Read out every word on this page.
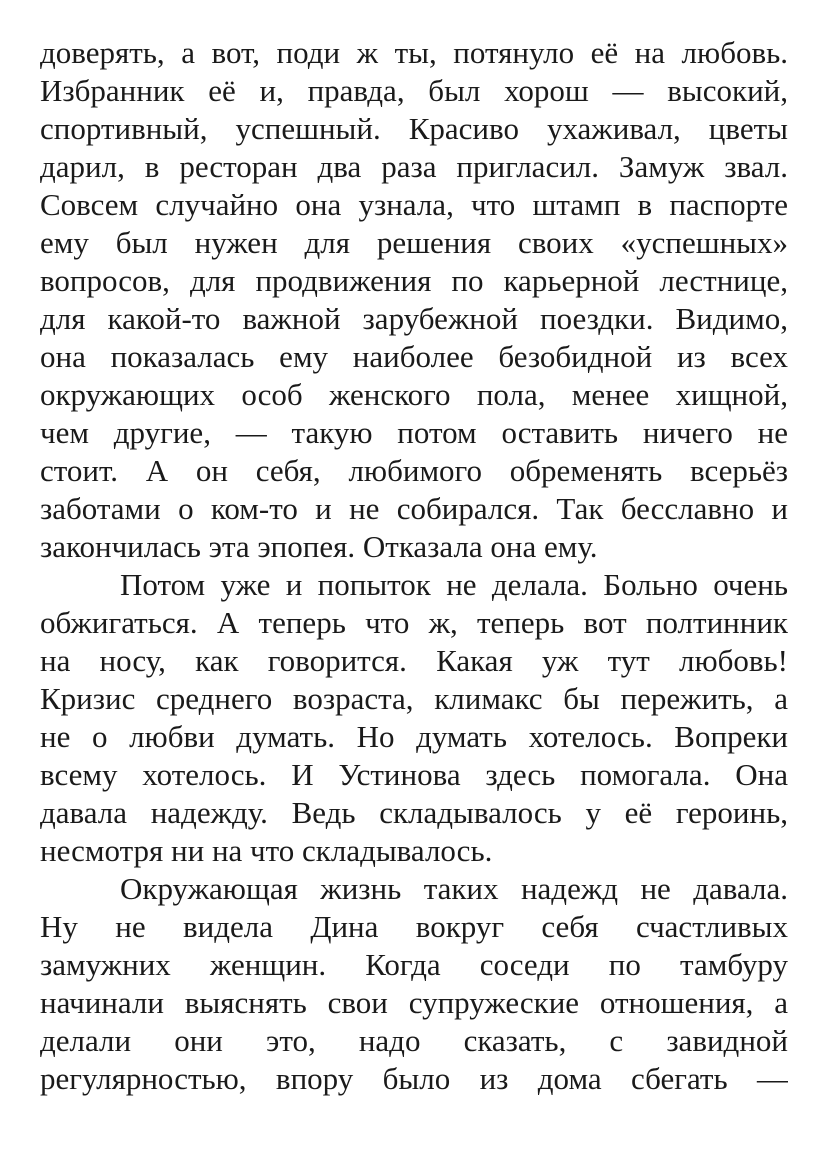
доверять, а вот, поди ж ты, потянуло её на любовь.
Избранник её и, правда, был хорош — высокий,
спортивный, успешный. Красиво ухаживал, цветы
дарил, в ресторан два раза пригласил. Замуж звал.
Совсем случайно она узнала, что штамп в паспорте
ему был нужен для решения своих «успешных»
вопросов, для продвижения по карьерной лестнице,
для какой-то важной зарубежной поездки. Видимо,
она показалась ему наиболее безобидной из всех
окружающих особ женского пола, менее хищной,
чем другие, — такую потом оставить ничего не
стоит. А он себя, любимого обременять всерьёз
заботами о ком-то и не собирался. Так бесславно и
закончилась эта эпопея. Отказала она ему.
Потом уже и попыток не делала. Больно очень
обжигаться. А теперь что ж, теперь вот полтинник
на носу, как говорится. Какая уж тут любовь!
Кризис среднего возраста, климакс бы пережить, а
не о любви думать. Но думать хотелось. Вопреки
всему хотелось. И Устинова здесь помогала. Она
давала надежду. Ведь складывалось у её героинь,
несмотря ни на что складывалось.
Окружающая жизнь таких надежд не давала.
Ну не видела Дина вокруг себя счастливых
замужних женщин. Когда соседи по тамбуру
начинали выяснять свои супружеские отношения, а
делали они это, надо сказать, с завидной
регулярностью, впору было из дома сбегать —
